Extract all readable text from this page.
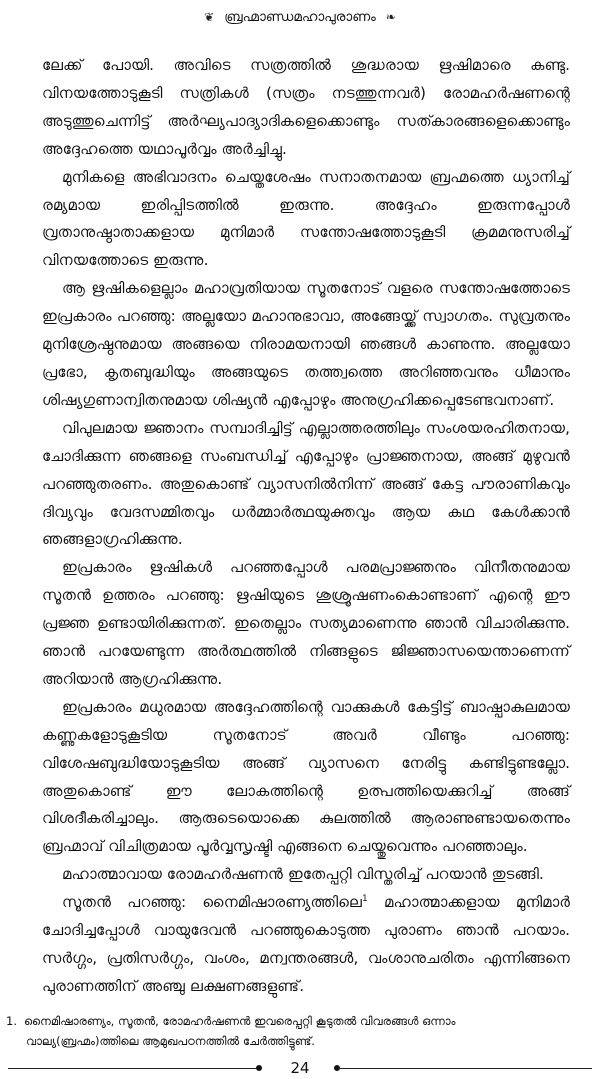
❦ ബ്രഹ്മാണ്ഡമഹാപുരാണം ❧

ലേക്ക് പോയി. അവിടെ സത്രത്തിൽ ശുദ്ധരായ ഋഷിമാരെ കണ്ടു. വിനയത്തോടുകൂടി സത്രികൾ (സത്രം നടത്തുന്നവർ) രോമഹർഷണന്റെ അടുത്തുചെന്നിട്ട് അർഘ്യപാദ്യാദികളെക്കൊണ്ടും സത്കാരങ്ങളെക്കൊണ്ടും അദ്ദേഹത്തെ യഥാപൂർവ്വം അർച്ചിച്ചു.

മുനികളെ അഭിവാദനം ചെയ്തശേഷം സനാതനമായ ബ്രഹ്മത്തെ ധ്യാനിച്ച് രമ്യമായ ഇരിപ്പിടത്തിൽ ഇരുന്നു. അദ്ദേഹം ഇരുന്നപ്പോൾ വ്രതാനുഷ്ഠാതാക്കളായ മുനിമാർ സന്തോഷത്തോടുകൂടി ക്രമമനുസരിച്ച് വിനയത്തോടെ ഇരുന്നു.

ആ ഋഷികളെല്ലാം മഹാവ്രതിയായ സൂതനോട് വളരെ സന്തോഷത്തോടെ ഇപ്രകാരം പറഞ്ഞു: അല്ലയോ മഹാനുഭാവാ, അങ്ങേയ്ക്ക് സ്വാഗതം. സുവ്രതനും മുനിശ്രേഷ്ഠനുമായ അങ്ങയെ നിരാമയനായി ഞങ്ങൾ കാണുന്നു. അല്ലയോ പ്രഭോ, കൃതബുദ്ധിയും അങ്ങയുടെ തത്ത്വത്തെ അറിഞ്ഞവനും ധീമാനും ശിഷ്യഗുണാന്വിതനുമായ ശിഷ്യൻ എപ്പോഴും അനുഗ്രഹിക്കപ്പെടേണ്ടവനാണ്.

വിപുലമായ ജ്ഞാനം സമ്പാദിച്ചിട്ട് എല്ലാത്തരത്തിലും സംശയരഹിതനായ, ചോദിക്കുന്ന ഞങ്ങളെ സംബന്ധിച്ച് എപ്പോഴും പ്രാജ്ഞനായ, അങ്ങ് മുഴുവൻ പറഞ്ഞുതരണം. അതുകൊണ്ട് വ്യാസനിൽനിന്ന് അങ്ങ് കേട്ട പൗരാണികവും ദിവ്യവും വേദസമ്മിതവും ധർമ്മാർത്ഥയുക്തവും ആയ കഥ കേൾക്കാൻ ഞങ്ങളാഗ്രഹിക്കുന്നു.

ഇപ്രകാരം ഋഷികൾ പറഞ്ഞപ്പോൾ പരമപ്രാജ്ഞനും വിനീതനുമായ സൂതൻ ഉത്തരം പറഞ്ഞു: ഋഷിയുടെ ശുശ്രൂഷണംകൊണ്ടാണ് എന്റെ ഈ പ്രജ്ഞ ഉണ്ടായിരിക്കുന്നത്. ഇതെല്ലാം സത്യമാണെന്നു ഞാൻ വിചാരിക്കുന്നു. ഞാൻ പറയേണ്ടുന്ന അർത്ഥത്തിൽ നിങ്ങളുടെ ജിജ്ഞാസയെന്താണെന്ന് അറിയാൻ ആഗ്രഹിക്കുന്നു.

ഇപ്രകാരം മധുരമായ അദ്ദേഹത്തിന്റെ വാക്കുകൾ കേട്ടിട്ട് ബാഷ്പാകുലമായ കണ്ണുകളോടുകൂടിയ സൂതനോട് അവർ വീണ്ടും പറഞ്ഞു: വിശേഷബുദ്ധിയോടുകൂടിയ അങ്ങ് വ്യാസനെ നേരിട്ടു കണ്ടിട്ടുണ്ടല്ലോ. അതുകൊണ്ട് ഈ ലോകത്തിന്റെ ഉത്പത്തിയെക്കുറിച്ച് അങ്ങ് വിശദീകരിച്ചാലും. ആരുടെയൊക്കെ കുലത്തിൽ ആരാണുണ്ടായതെന്നും ബ്രഹ്മാവ് വിചിത്രമായ പൂർവ്വസൃഷ്ടി എങ്ങനെ ചെയ്തുവെന്നും പറഞ്ഞാലും.

മഹാത്മാവായ രോമഹർഷണൻ ഇതേപ്പറ്റി വിസ്തരിച്ച് പറയാൻ തുടങ്ങി.

സൂതൻ പറഞ്ഞു: നൈമിഷാരണ്യത്തിലെ$^1$ മഹാത്മാക്കളായ മുനിമാർ ചോദിച്ചപ്പോൾ വായുദേവൻ പറഞ്ഞുകൊടുത്ത പുരാണം ഞാൻ പറയാം. സർഗ്ഗം, പ്രതിസർഗ്ഗം, വംശം, മന്വന്തരങ്ങൾ, വംശാനുചരിതം എന്നിങ്ങനെ പുരാണത്തിന് അഞ്ചു ലക്ഷണങ്ങളുണ്ട്.

1. നൈമിഷാരണ്യം, സൂതൻ, രോമഹർഷണൻ ഇവരെപ്പറ്റി കൂടുതൽ വിവരങ്ങൾ ഒന്നാം
വാല്യ(ബ്രഹ്മം)ത്തിലെ ആമുഖപഠനത്തിൽ ചേർത്തിട്ടുണ്ട്.
24
